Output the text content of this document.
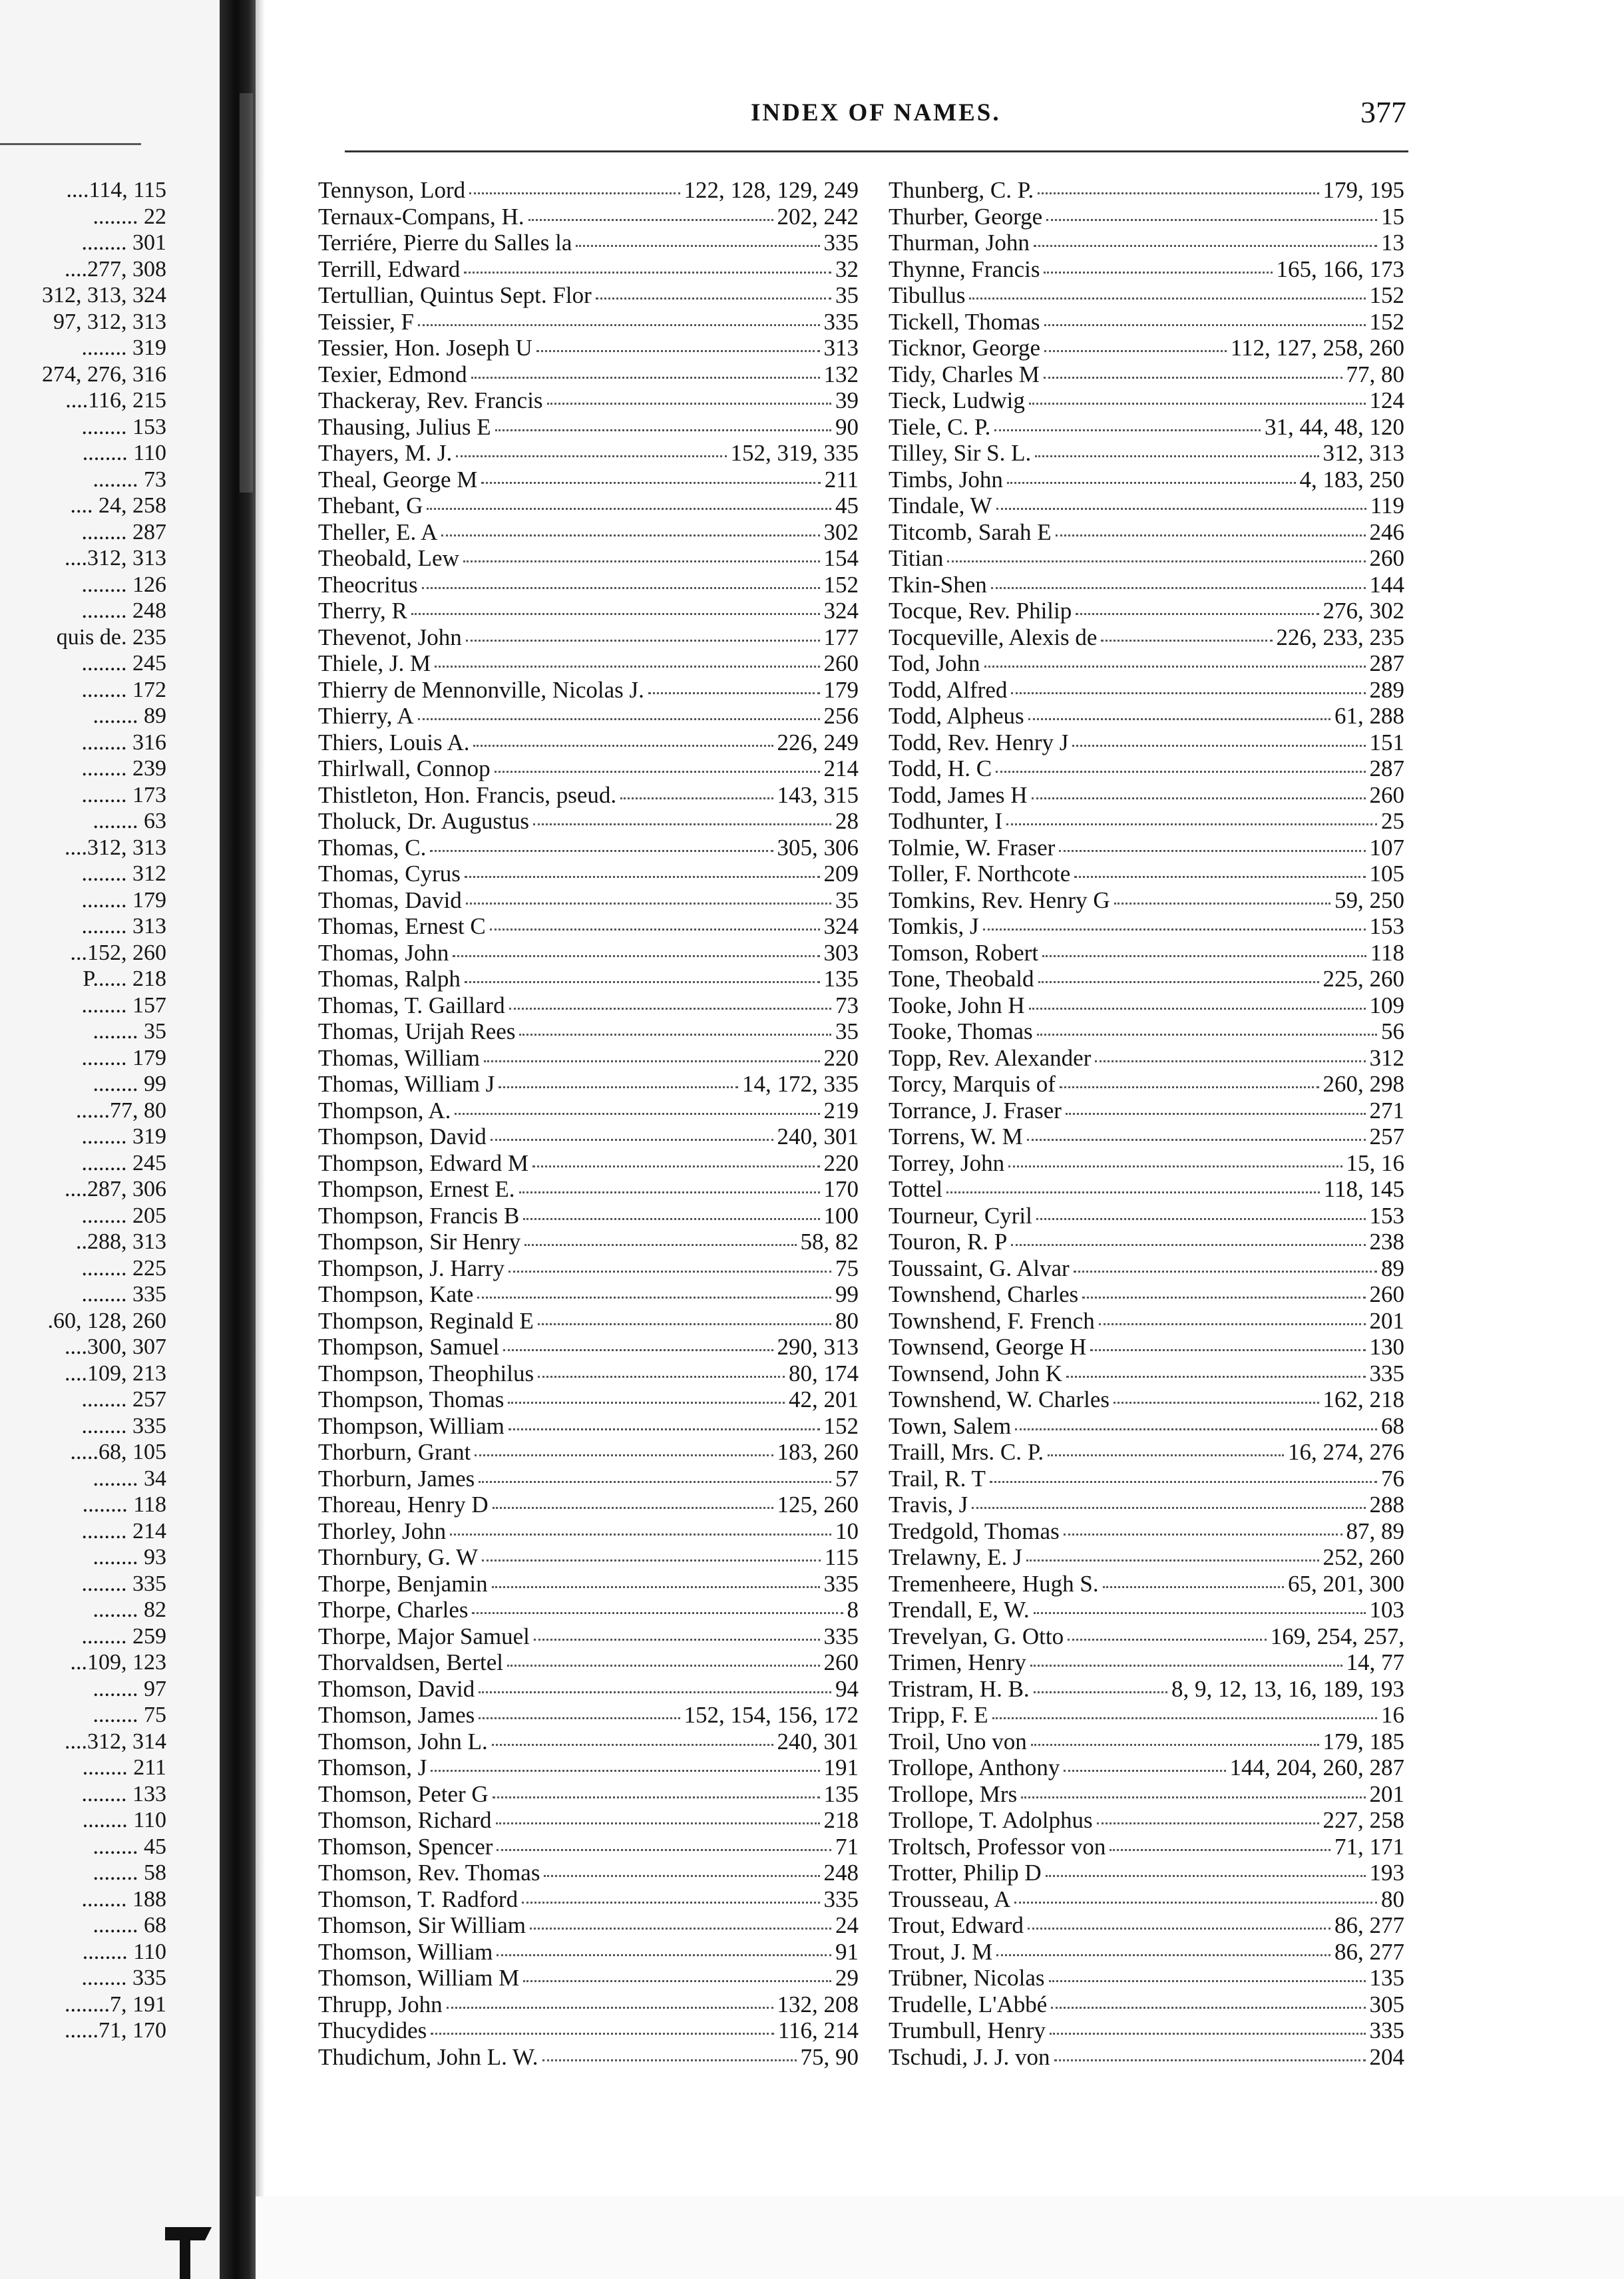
....114, 115
........ 22
........ 301
....277, 308
312, 313, 324
97, 312, 313
........ 319
274, 276, 316
....116, 215
........ 153
........ 110
........ 73
.... 24, 258
........ 287
....312, 313
........ 126
........ 248
quis de. 235
........ 245
........ 172
........ 89
........ 316
........ 239
........ 173
........ 63
....312, 313
........ 312
........ 179
........ 313
...152, 260
P...... 218
........ 157
........ 35
........ 179
........ 99
......77, 80
........ 319
........ 245
....287, 306
........ 205
..288, 313
........ 225
........ 335
.60, 128, 260
....300, 307
....109, 213
........ 257
........ 335
.....68, 105
........ 34
........ 118
........ 214
........ 93
........ 335
........ 82
........ 259
...109, 123
........ 97
........ 75
....312, 314
........ 211
........ 133
........ 110
........ 45
........ 58
........ 188
........ 68
........ 110
........ 335
........7, 191
......71, 170
INDEX OF NAMES.	377
Tennyson, Lord	122, 128, 129, 249
Ternaux-Compans, H.	202, 242
Terriére, Pierre du Salles la	335
Terrill, Edward	32
Tertullian, Quintus Sept. Flor	35
Teissier, F	335
Tessier, Hon. Joseph U	313
Texier, Edmond	132
Thackeray, Rev. Francis	39
Thausing, Julius E	90
Thayers, M. J.	152, 319, 335
Theal, George M	211
Thebant, G	45
Theller, E. A	302
Theobald, Lew	154
Theocritus	152
Therry, R	324
Thevenot, John	177
Thiele, J. M	260
Thierry de Mennonville, Nicolas J.	179
Thierry, A	256
Thiers, Louis A.	226, 249
Thirlwall, Connop	214
Thistleton, Hon. Francis, pseud.	143, 315
Tholuck, Dr. Augustus	28
Thomas, C.	305, 306
Thomas, Cyrus	209
Thomas, David	35
Thomas, Ernest C	324
Thomas, John	303
Thomas, Ralph	135
Thomas, T. Gaillard	73
Thomas, Urijah Rees	35
Thomas, William	220
Thomas, William J	14, 172, 335
Thompson, A.	219
Thompson, David	240, 301
Thompson, Edward M	220
Thompson, Ernest E.	170
Thompson, Francis B	100
Thompson, Sir Henry	58, 82
Thompson, J. Harry	75
Thompson, Kate	99
Thompson, Reginald E	80
Thompson, Samuel	290, 313
Thompson, Theophilus	80, 174
Thompson, Thomas	42, 201
Thompson, William	152
Thorburn, Grant	183, 260
Thorburn, James	57
Thoreau, Henry D	125, 260
Thorley, John	10
Thornbury, G. W	115
Thorpe, Benjamin	335
Thorpe, Charles	8
Thorpe, Major Samuel	335
Thorvaldsen, Bertel	260
Thomson, David	94
Thomson, James	152, 154, 156, 172
Thomson, John L.	240, 301
Thomson, J	191
Thomson, Peter G	135
Thomson, Richard	218
Thomson, Spencer	71
Thomson, Rev. Thomas	248
Thomson, T. Radford	335
Thomson, Sir William	24
Thomson, William	91
Thomson, William M	29
Thrupp, John	132, 208
Thucydides	116, 214
Thudichum, John L. W.	75, 90
Thunberg, C. P.	179, 195
Thurber, George	15
Thurman, John	13
Thynne, Francis	165, 166, 173
Tibullus	152
Tickell, Thomas	152
Ticknor, George	112, 127, 258, 260
Tidy, Charles M	77, 80
Tieck, Ludwig	124
Tiele, C. P.	31, 44, 48, 120
Tilley, Sir S. L.	312, 313
Timbs, John	4, 183, 250
Tindale, W	119
Titcomb, Sarah E	246
Titian	260
Tkin-Shen	144
Tocque, Rev. Philip	276, 302
Tocqueville, Alexis de	226, 233, 235
Tod, John	287
Todd, Alfred	289
Todd, Alpheus	61, 288
Todd, Rev. Henry J	151
Todd, H. C	287
Todd, James H	260
Todhunter, I	25
Tolmie, W. Fraser	107
Toller, F. Northcote	105
Tomkins, Rev. Henry G	59, 250
Tomkis, J	153
Tomson, Robert	118
Tone, Theobald	225, 260
Tooke, John H	109
Tooke, Thomas	56
Topp, Rev. Alexander	312
Torcy, Marquis of	260, 298
Torrance, J. Fraser	271
Torrens, W. M	257
Torrey, John	15, 16
Tottel	118, 145
Tourneur, Cyril	153
Touron, R. P	238
Toussaint, G. Alvar	89
Townshend, Charles	260
Townshend, F. French	201
Townsend, George H	130
Townsend, John K	335
Townshend, W. Charles	162, 218
Town, Salem	68
Traill, Mrs. C. P.	16, 274, 276
Trail, R. T	76
Travis, J	288
Tredgold, Thomas	87, 89
Trelawny, E. J	252, 260
Tremenheere, Hugh S.	65, 201, 300
Trendall, E, W.	103
Trevelyan, G. Otto	169, 254, 257,
Trimen, Henry	14, 77
Tristram, H. B.	8, 9, 12, 13, 16, 189, 193
Tripp, F. E	16
Troil, Uno von	179, 185
Trollope, Anthony	144, 204, 260, 287
Trollope, Mrs	201
Trollope, T. Adolphus	227, 258
Troltsch, Professor von	71, 171
Trotter, Philip D	193
Trousseau, A	80
Trout, Edward	86, 277
Trout, J. M	86, 277
Trübner, Nicolas	135
Trudelle, L'Abbé	305
Trumbull, Henry	335
Tschudi, J. J. von	204
